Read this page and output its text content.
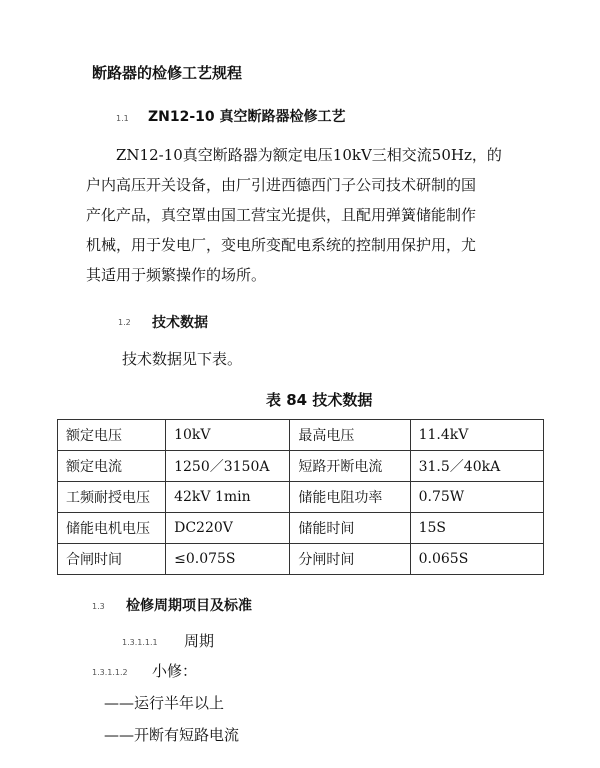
断路器的检修工艺规程
1.1 ZN12-10 真空断路器检修工艺
ZN12-10真空断路器为额定电压10kV三相交流50Hz，的
户内高压开关设备，由厂引进西德西门子公司技术研制的国
产化产品，真空罩由国工营宝光提供，且配用弹簧储能制作
机械，用于发电厂，变电所变配电系统的控制用保护用，尤
其适用于频繁操作的场所。
1.2 技术数据
技术数据见下表。
表 84 技术数据
额定电压	10kV	最高电压	11.4kV
额定电流	1250／3150A	短路开断电流	31.5／40kA
工频耐授电压	42kV 1min	储能电阻功率	0.75W
储能电机电压	DC220V	储能时间	15S
合闸时间	≤0.075S	分闸时间	0.065S
1.3 检修周期项目及标准
1.3.1.1.1 周期
1.3.1.1.2 小修：
——运行半年以上
——开断有短路电流
